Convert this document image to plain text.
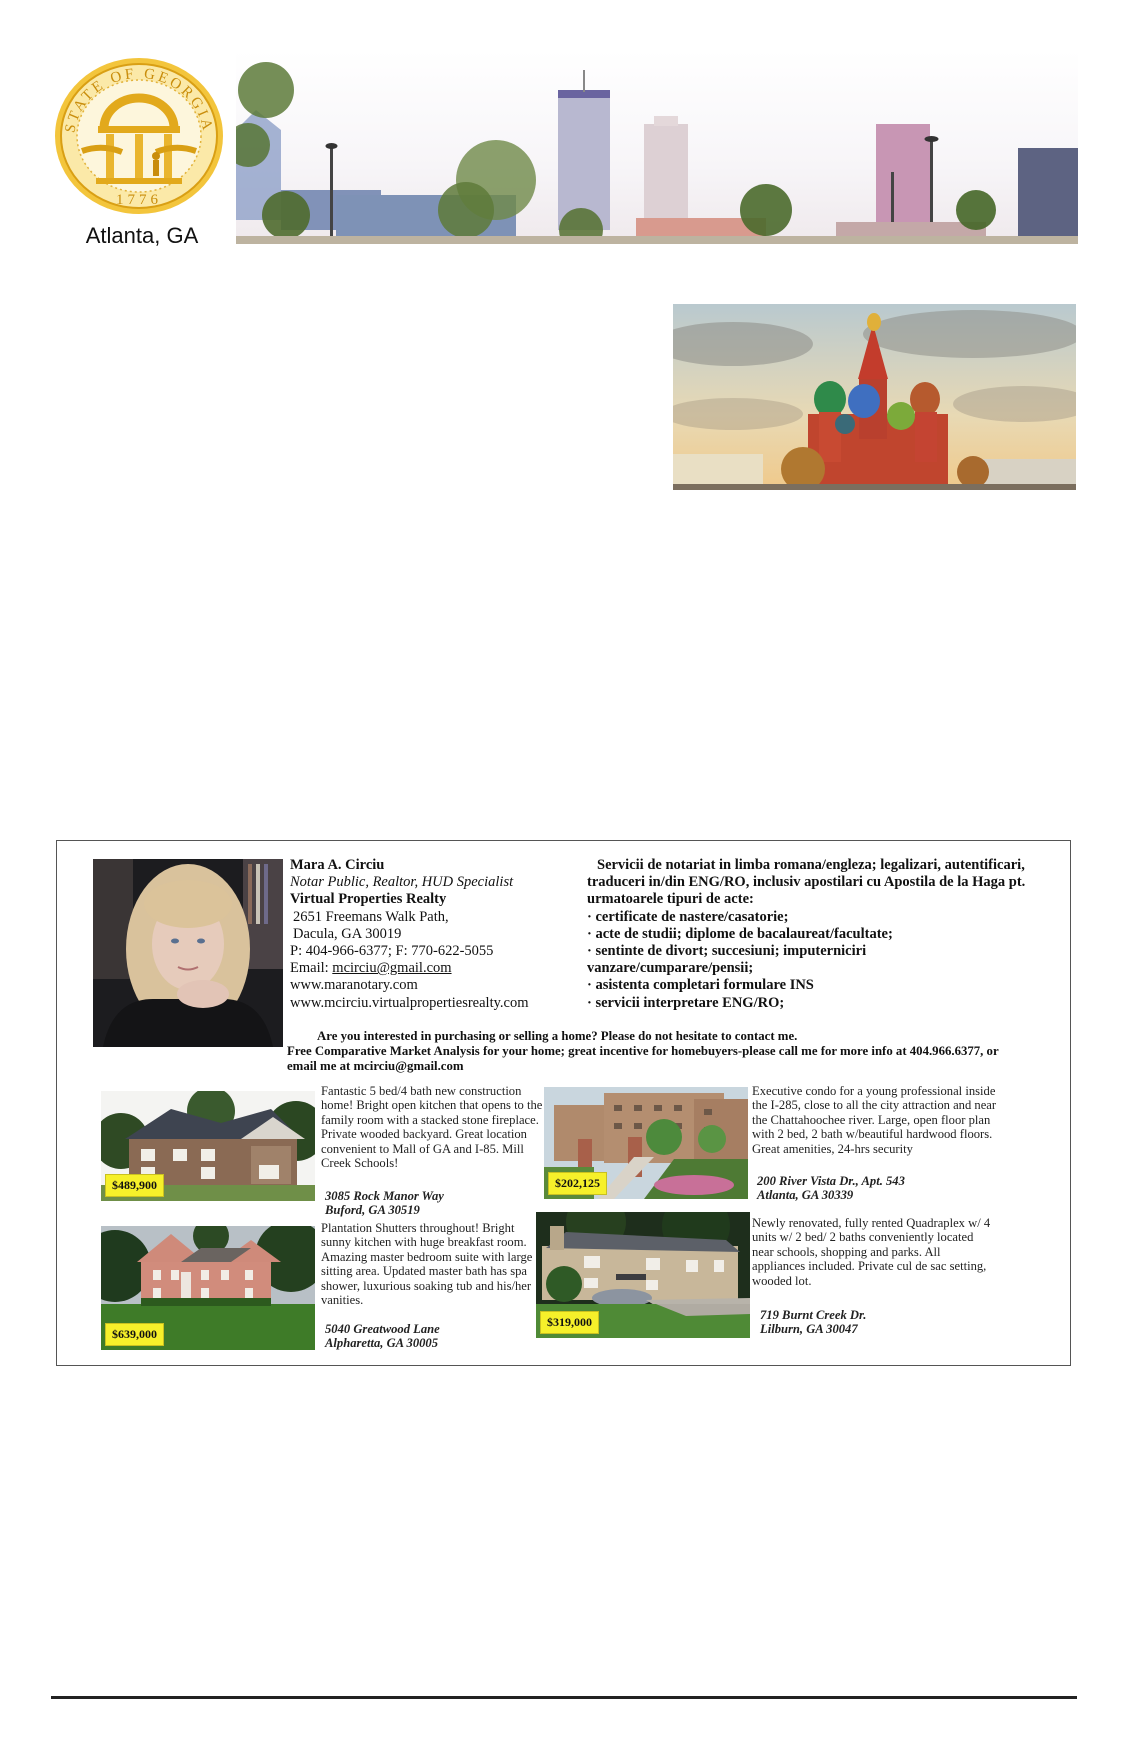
STATE OF GEORGIA
1776
Atlanta, GA
Mara A. Circiu
Notar Public, Realtor, HUD Specialist
Virtual Properties Realty
2651 Freemans Walk Path,
Dacula, GA 30019
P: 404-966-6377; F: 770-622-5055
Email: mcirciu@gmail.com
www.maranotary.com
www.mcirciu.virtualpropertiesrealty.com
Servicii de notariat in limba romana/engleza; legalizari, autentificari, traduceri in/din ENG/RO, inclusiv apostilari cu Apostila de la Haga pt. urmatoarele tipuri de acte:
· certificate de nastere/casatorie;
· acte de studii; diplome de bacalaureat/facultate;
· sentinte de divort; succesiuni; imputerniciri vanzare/cumparare/pensii;
· asistenta completari formulare INS
· servicii interpretare ENG/RO;
Are you interested in purchasing or selling a home? Please do not hesitate to contact me.
Free Comparative Market Analysis for your home; great incentive for homebuyers-please call me for more info at 404.966.6377, or email me at mcirciu@gmail.com
$489,900
Fantastic 5 bed/4 bath new construction home! Bright open kitchen that opens to the family room with a stacked stone fireplace. Private wooded backyard. Great location convenient to Mall of GA and I-85. Mill Creek Schools!
3085 Rock Manor Way
Buford, GA 30519
$202,125
Executive condo for a young professional inside the I-285, close to all the city attraction and near the Chattahoochee river. Large, open floor plan with 2 bed, 2 bath w/beautiful hardwood floors. Great amenities, 24-hrs security
200 River Vista Dr., Apt. 543
Atlanta, GA 30339
$639,000
Plantation Shutters throughout! Bright sunny kitchen with huge breakfast room. Amazing master bedroom suite with large sitting area. Updated master bath has spa shower, luxurious soaking tub and his/her vanities.
5040 Greatwood Lane
Alpharetta, GA 30005
$319,000
Newly renovated, fully rented Quadraplex w/ 4 units w/ 2 bed/ 2 baths conveniently located near schools, shopping and parks. All appliances included. Private cul de sac setting, wooded lot.
719 Burnt Creek Dr.
Lilburn, GA 30047
